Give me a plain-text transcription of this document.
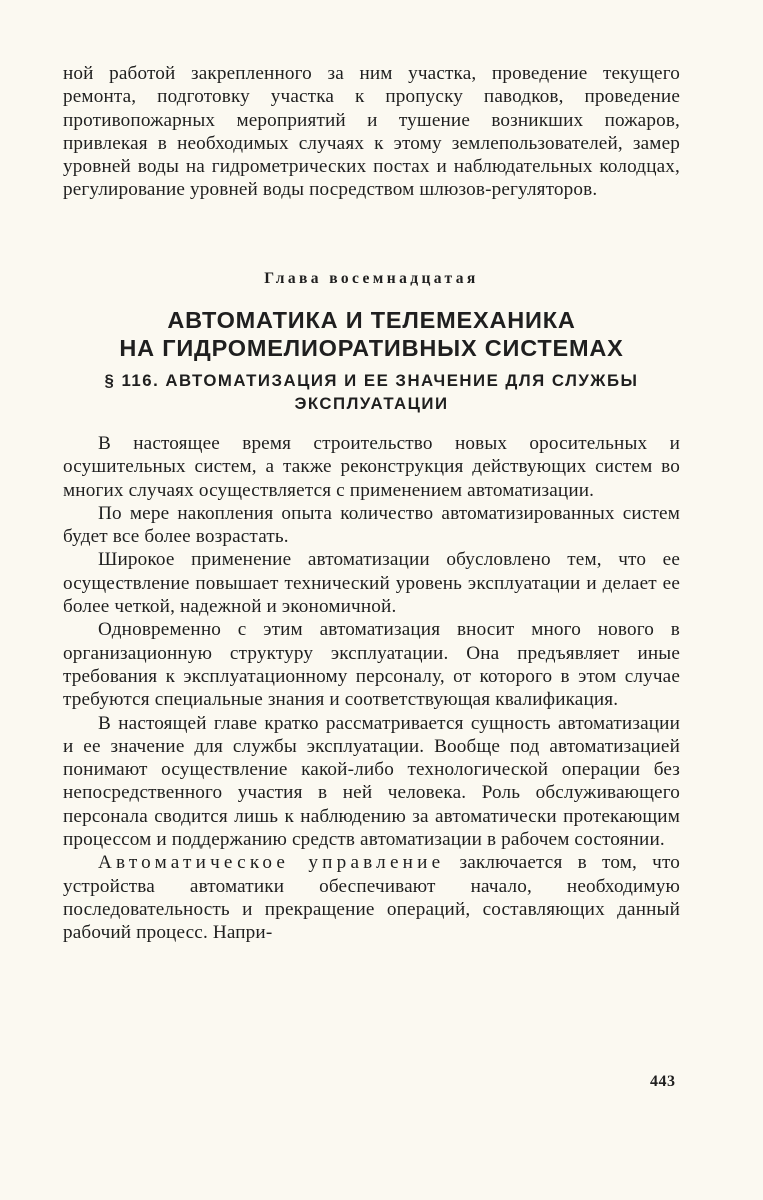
ной работой закрепленного за ним участка, проведение текущего ремонта, подготовку участка к пропуску паводков, проведение противопожарных мероприятий и тушение возникших пожаров, привлекая в необходимых случаях к этому землепользователей, замер уровней воды на гидрометрических постах и наблюдательных колодцах, регулирование уровней воды посредством шлюзов-регуляторов.

Глава восемнадцатая
АВТОМАТИКА И ТЕЛЕМЕХАНИКА
НА ГИДРОМЕЛИОРАТИВНЫХ СИСТЕМАХ
§ 116. АВТОМАТИЗАЦИЯ И ЕЕ ЗНАЧЕНИЕ ДЛЯ СЛУЖБЫ
ЭКСПЛУАТАЦИИ

В настоящее время строительство новых оросительных и осушительных систем, а также реконструкция действующих систем во многих случаях осуществляется с применением автоматизации.

По мере накопления опыта количество автоматизированных систем будет все более возрастать.

Широкое применение автоматизации обусловлено тем, что ее осуществление повышает технический уровень эксплуатации и делает ее более четкой, надежной и экономичной.

Одновременно с этим автоматизация вносит много нового в организационную структуру эксплуатации. Она предъявляет иные требования к эксплуатационному персоналу, от которого в этом случае требуются специальные знания и соответствующая квалификация.

В настоящей главе кратко рассматривается сущность автоматизации и ее значение для службы эксплуатации. Вообще под автоматизацией понимают осуществление какой-либо технологической операции без непосредственного участия в ней человека. Роль обслуживающего персонала сводится лишь к наблюдению за автоматически протекающим процессом и поддержанию средств автоматизации в рабочем состоянии.

Автоматическое управление заключается в том, что устройства автоматики обеспечивают начало, необходимую последовательность и прекращение операций, составляющих данный рабочий процесс. Напри-

443
